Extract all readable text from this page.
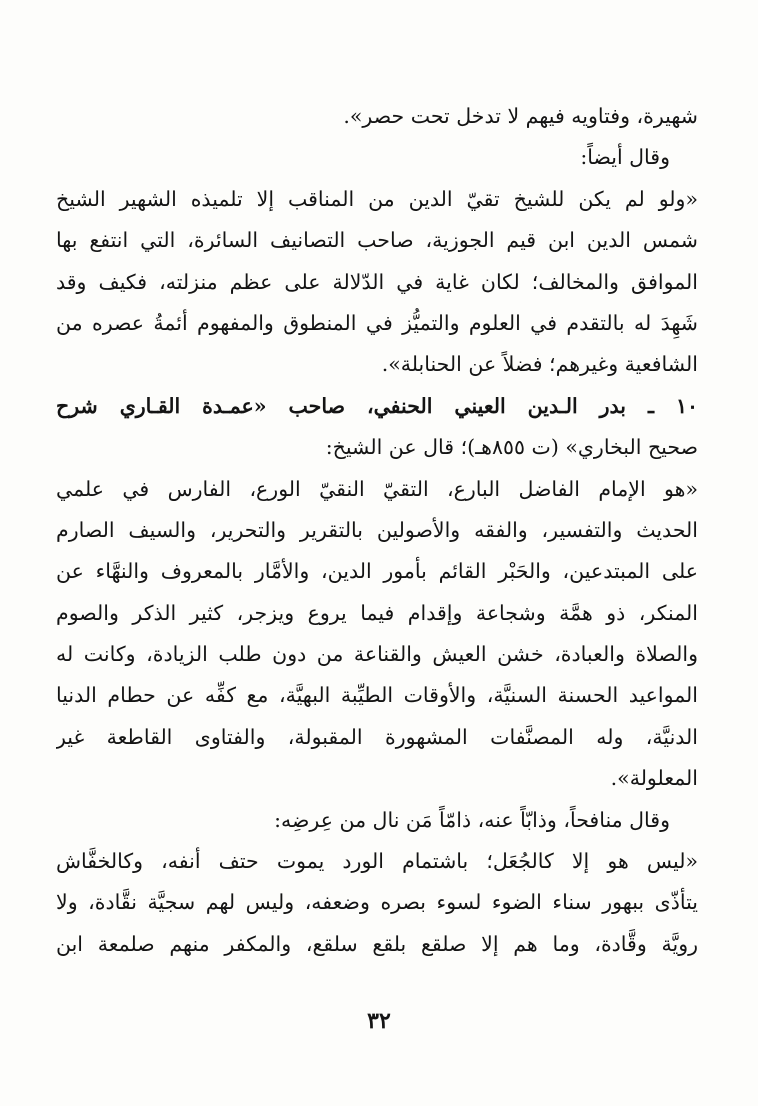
شهيرة، وفتاويه فيهم لا تدخل تحت حصر».
وقال أيضاً:
«ولو لم يكن للشيخ تقيّ الدين من المناقب إلا تلميذه الشهير الشيخ
شمس الدين ابن قيم الجوزية، صاحب التصانيف السائرة، التي انتفع بها
الموافق والمخالف؛ لكان غاية في الدّلالة على عظم منزلته، فكيف وقد
شَهِدَ له بالتقدم في العلوم والتميُّز في المنطوق والمفهوم أئمةُ عصره من
الشافعية وغيرهم؛ فضلاً عن الحنابلة».
١٠ ـ بدر الـدين العيني الحنفي، صاحب «عمـدة القـاري شرح
صحيح البخاري» (ت ٨٥٥هـ)؛ قال عن الشيخ:
«هو الإمام الفاضل البارع، التقيّ النقيّ الورع، الفارس في علمي
الحديث والتفسير، والفقه والأصولين بالتقرير والتحرير، والسيف الصارم
على المبتدعين، والحَبْر القائم بأمور الدين، والأمَّار بالمعروف والنهَّاء عن
المنكر، ذو همَّة وشجاعة وإقدام فيما يروع ويزجر، كثير الذكر والصوم
والصلاة والعبادة، خشن العيش والقناعة من دون طلب الزيادة، وكانت له
المواعيد الحسنة السنيَّة، والأوقات الطيِّبة البهيَّة، مع كفِّه عن حطام الدنيا
الدنيَّة، وله المصنَّفات المشهورة المقبولة، والفتاوى القاطعة غير
المعلولة».
وقال منافحاً، وذابّاً عنه، ذامّاً مَن نال من عِرضِه:
«ليس هو إلا كالجُعَل؛ باشتمام الورد يموت حتف أنفه، وكالخفَّاش
يتأذّى ببهور سناء الضوء لسوء بصره وضعفه، وليس لهم سجيَّة نقَّادة، ولا
رويَّة وقَّادة، وما هم إلا صلقع بلقع سلقع، والمكفر منهم صلمعة ابن
٣٢
